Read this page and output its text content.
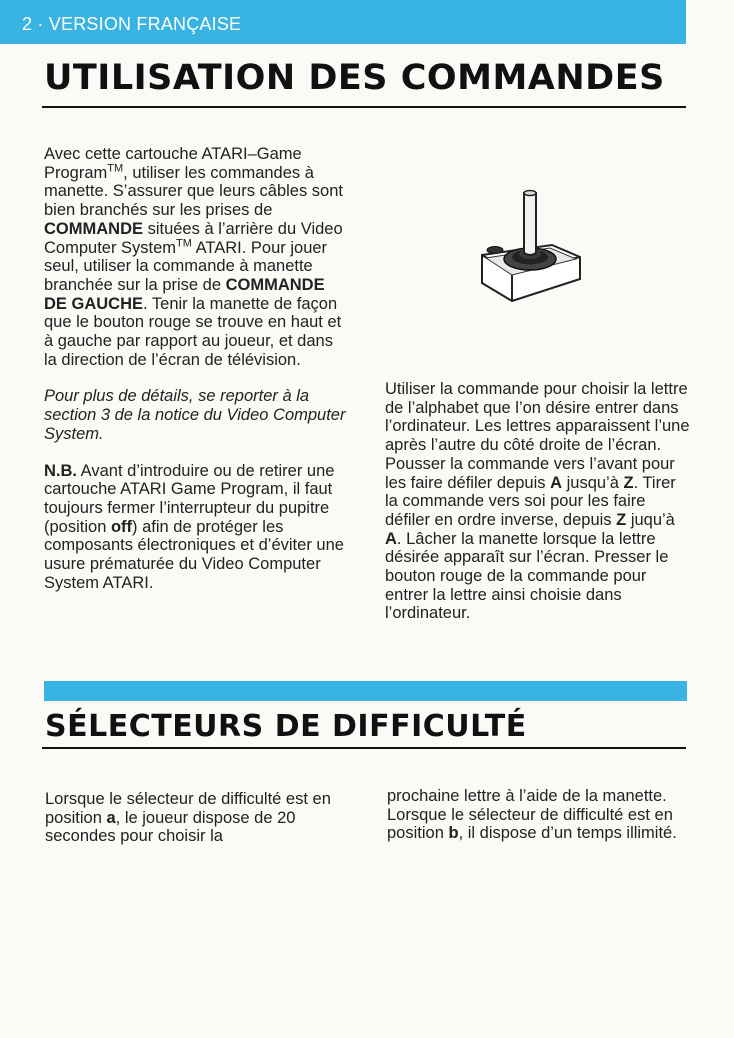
2 · VERSION FRANÇAISE
UTILISATION DES COMMANDES

Avec cette cartouche ATARI–Game Program™, utiliser les commandes à manette. S’assurer que leurs câbles sont bien branchés sur les prises de COMMANDE situées à l’arrière du Video Computer System™ ATARI. Pour jouer seul, utiliser la commande à manette branchée sur la prise de COMMANDE DE GAUCHE. Tenir la manette de façon que le bouton rouge se trouve en haut et à gauche par rapport au joueur, et dans la direction de l’écran de télévision.

Pour plus de détails, se reporter à la section 3 de la notice du Video Computer System.

N.B. Avant d’introduire ou de retirer une cartouche ATARI Game Program, il faut toujours fermer l’interrupteur du pupitre (position off) afin de protéger les composants électroniques et d’éviter une usure prématurée du Video Computer System ATARI.

Utiliser la commande pour choisir la lettre de l’alphabet que l’on désire entrer dans l’ordinateur. Les lettres apparaissent l’une après l’autre du côté droite de l’écran. Pousser la commande vers l’avant pour les faire défiler depuis A jusqu’à Z. Tirer la commande vers soi pour les faire défiler en ordre inverse, depuis Z juqu’à A. Lâcher la manette lorsque la lettre désirée apparaît sur l’écran. Presser le bouton rouge de la commande pour entrer la lettre ainsi choisie dans l’ordinateur.

SÉLECTEURS DE DIFFICULTÉ

Lorsque le sélecteur de difficulté est en position a, le joueur dispose de 20 secondes pour choisir la

prochaine lettre à l’aide de la manette. Lorsque le sélecteur de difficulté est en position b, il dispose d’un temps illimité.
